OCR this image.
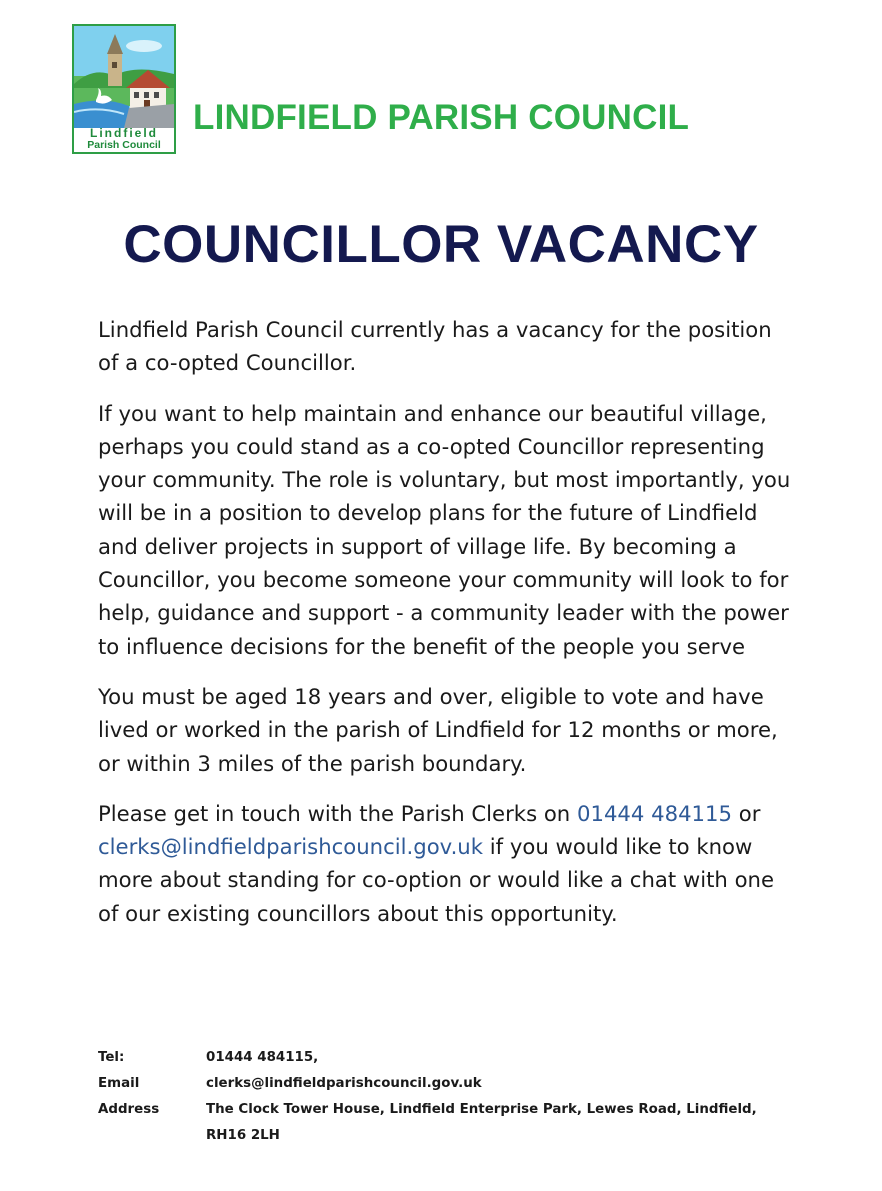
Lindfield
Parish Council
LINDFIELD PARISH COUNCIL
COUNCILLOR VACANCY

Lindfield Parish Council currently has a vacancy for the position of a co-opted Councillor.

If you want to help maintain and enhance our beautiful village, perhaps you could stand as a co-opted Councillor representing your community. The role is voluntary, but most importantly, you will be in a position to develop plans for the future of Lindfield and deliver projects in support of village life. By becoming a Councillor, you become someone your community will look to for help, guidance and support - a community leader with the power to influence decisions for the benefit of the people you serve

You must be aged 18 years and over, eligible to vote and have lived or worked in the parish of Lindfield for 12 months or more, or within 3 miles of the parish boundary.

Please get in touch with the Parish Clerks on 01444 484115 or clerks@lindfieldparishcouncil.gov.uk if you would like to know more about standing for co-option or would like a chat with one of our existing councillors about this opportunity.

Tel:	01444 484115,
Email	clerks@lindfieldparishcouncil.gov.uk
Address	The Clock Tower House, Lindfield Enterprise Park, Lewes Road, Lindfield, RH16 2LH
